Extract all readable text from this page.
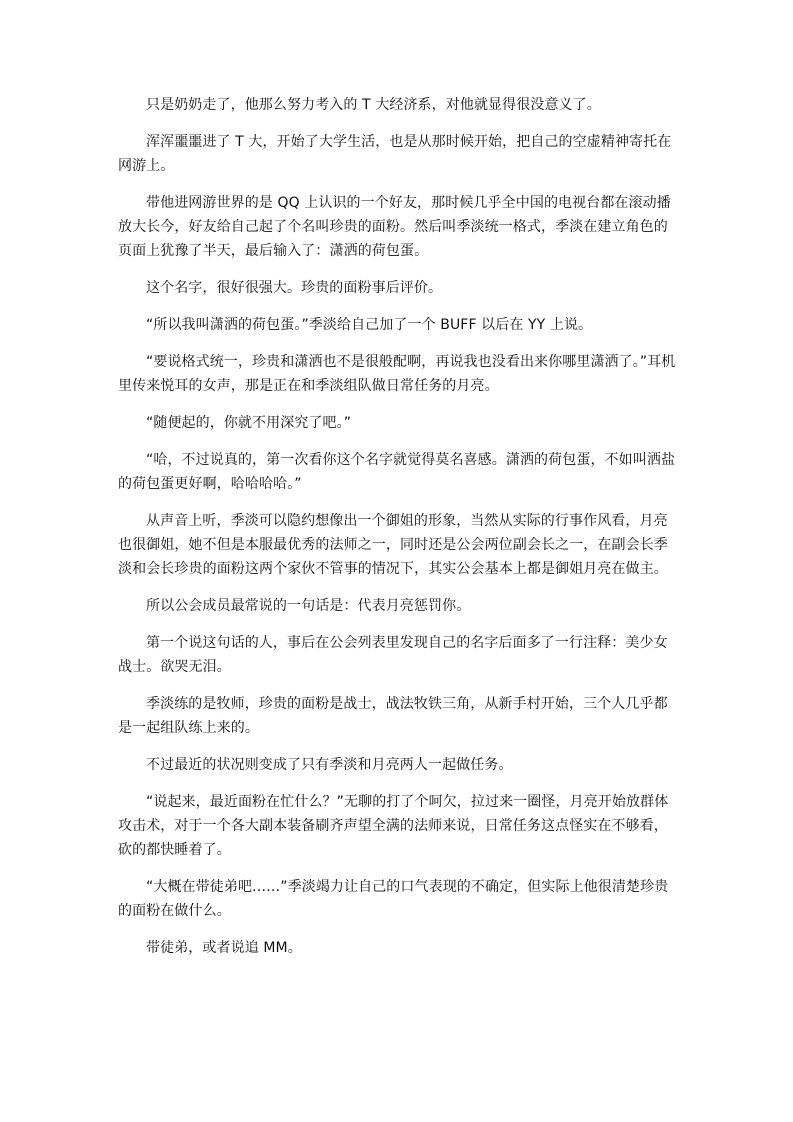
只是奶奶走了，他那么努力考入的 T 大经济系，对他就显得很没意义了。

浑浑噩噩进了 T 大，开始了大学生活，也是从那时候开始，把自己的空虚精神寄托在网游上。

带他进网游世界的是 QQ 上认识的一个好友，那时候几乎全中国的电视台都在滚动播放大长今，好友给自己起了个名叫珍贵的面粉。然后叫季淡统一格式，季淡在建立角色的页面上犹豫了半天，最后输入了：潇洒的荷包蛋。

这个名字，很好很强大。珍贵的面粉事后评价。

“所以我叫潇洒的荷包蛋。”季淡给自己加了一个 BUFF 以后在 YY 上说。

“要说格式统一，珍贵和潇洒也不是很般配啊，再说我也没看出来你哪里潇洒了。”耳机里传来悦耳的女声，那是正在和季淡组队做日常任务的月亮。

“随便起的，你就不用深究了吧。”

“哈，不过说真的，第一次看你这个名字就觉得莫名喜感。潇洒的荷包蛋，不如叫洒盐的荷包蛋更好啊，哈哈哈哈。”

从声音上听，季淡可以隐约想像出一个御姐的形象，当然从实际的行事作风看，月亮也很御姐，她不但是本服最优秀的法师之一，同时还是公会两位副会长之一，在副会长季淡和会长珍贵的面粉这两个家伙不管事的情况下，其实公会基本上都是御姐月亮在做主。

所以公会成员最常说的一句话是：代表月亮惩罚你。

第一个说这句话的人，事后在公会列表里发现自己的名字后面多了一行注释：美少女战士。欲哭无泪。

季淡练的是牧师，珍贵的面粉是战士，战法牧铁三角，从新手村开始，三个人几乎都是一起组队练上来的。

不过最近的状况则变成了只有季淡和月亮两人一起做任务。

“说起来，最近面粉在忙什么？”无聊的打了个呵欠，拉过来一圈怪，月亮开始放群体攻击术，对于一个各大副本装备刷齐声望全满的法师来说，日常任务这点怪实在不够看，砍的都快睡着了。

“大概在带徒弟吧……”季淡竭力让自己的口气表现的不确定，但实际上他很清楚珍贵的面粉在做什么。

带徒弟，或者说追 MM。
